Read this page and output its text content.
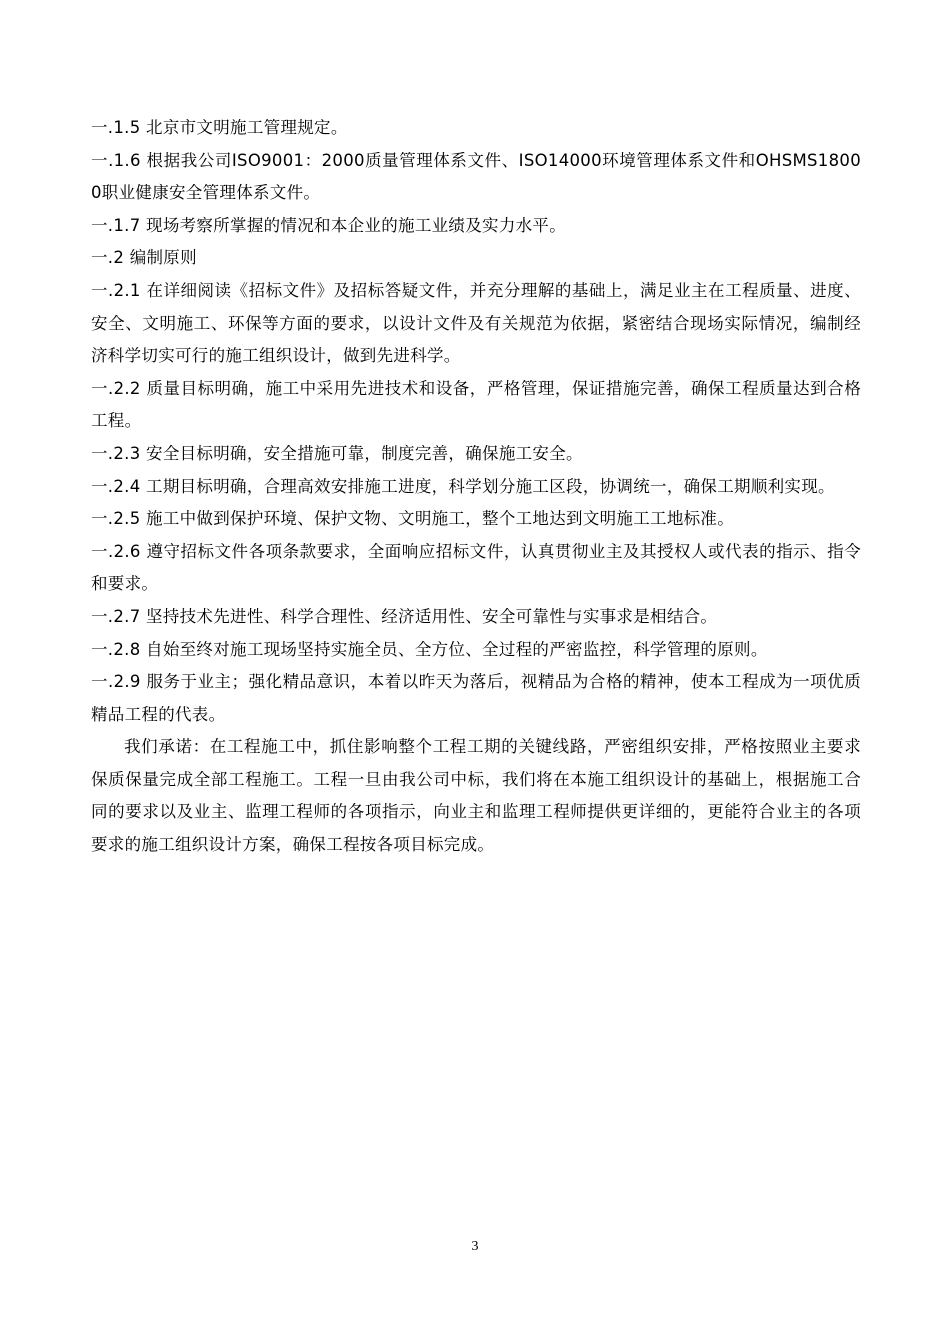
一.1.5 北京市文明施工管理规定。

一.1.6 根据我公司ISO9001：2000质量管理体系文件、ISO14000环境管理体系文件和OHSMS18000职业健康安全管理体系文件。

一.1.7 现场考察所掌握的情况和本企业的施工业绩及实力水平。

一.2 编制原则

一.2.1 在详细阅读《招标文件》及招标答疑文件，并充分理解的基础上，满足业主在工程质量、进度、安全、文明施工、环保等方面的要求，以设计文件及有关规范为依据，紧密结合现场实际情况，编制经济科学切实可行的施工组织设计，做到先进科学。

一.2.2 质量目标明确，施工中采用先进技术和设备，严格管理，保证措施完善，确保工程质量达到合格工程。

一.2.3 安全目标明确，安全措施可靠，制度完善，确保施工安全。

一.2.4 工期目标明确，合理高效安排施工进度，科学划分施工区段，协调统一，确保工期顺利实现。

一.2.5 施工中做到保护环境、保护文物、文明施工，整个工地达到文明施工工地标准。

一.2.6 遵守招标文件各项条款要求，全面响应招标文件，认真贯彻业主及其授权人或代表的指示、指令和要求。

一.2.7 坚持技术先进性、科学合理性、经济适用性、安全可靠性与实事求是相结合。

一.2.8 自始至终对施工现场坚持实施全员、全方位、全过程的严密监控，科学管理的原则。

一.2.9 服务于业主；强化精品意识，本着以昨天为落后，视精品为合格的精神，使本工程成为一项优质精品工程的代表。

我们承诺：在工程施工中，抓住影响整个工程工期的关键线路，严密组织安排，严格按照业主要求保质保量完成全部工程施工。工程一旦由我公司中标，我们将在本施工组织设计的基础上，根据施工合同的要求以及业主、监理工程师的各项指示，向业主和监理工程师提供更详细的，更能符合业主的各项要求的施工组织设计方案，确保工程按各项目标完成。

3
